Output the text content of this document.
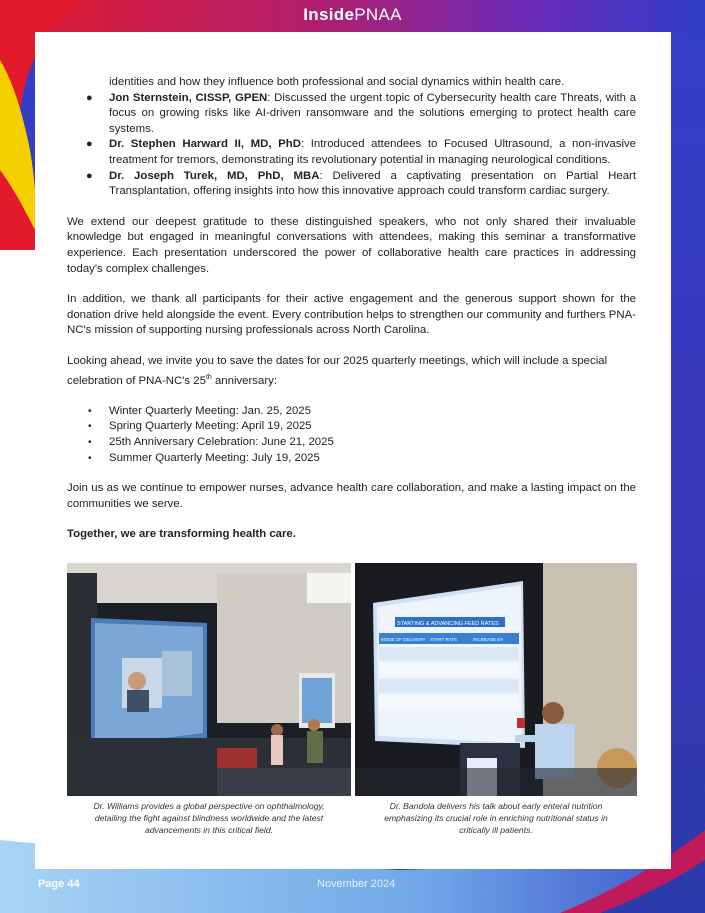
InsidePNAA

identities and how they influence both professional and social dynamics within health care.

● Jon Sternstein, CISSP, GPEN: Discussed the urgent topic of Cybersecurity health care Threats, with a focus on growing risks like AI-driven ransomware and the solutions emerging to protect health care systems.
● Dr. Stephen Harward II, MD, PhD: Introduced attendees to Focused Ultrasound, a non-invasive treatment for tremors, demonstrating its revolutionary potential in managing neurological conditions.
● Dr. Joseph Turek, MD, PhD, MBA: Delivered a captivating presentation on Partial Heart Transplantation, offering insights into how this innovative approach could transform cardiac surgery.

We extend our deepest gratitude to these distinguished speakers, who not only shared their invaluable knowledge but engaged in meaningful conversations with attendees, making this seminar a transformative experience. Each presentation underscored the power of collaborative health care practices in addressing today's complex challenges.

In addition, we thank all participants for their active engagement and the generous support shown for the donation drive held alongside the event. Every contribution helps to strengthen our community and furthers PNA-NC's mission of supporting nursing professionals across North Carolina.

Looking ahead, we invite you to save the dates for our 2025 quarterly meetings, which will include a special celebration of PNA-NC's 25th anniversary:

• Winter Quarterly Meeting: Jan. 25, 2025
• Spring Quarterly Meeting: April 19, 2025
• 25th Anniversary Celebration: June 21, 2025
• Summer Quarterly Meeting: July 19, 2025

Join us as we continue to empower nurses, advance health care collaboration, and make a lasting impact on the communities we serve.

Together, we are transforming health care.

STARTING & ADVANCING FEED RATES
MODE OF DELIVERY START RATE	INCREASE BY
Dr. Williams provides a global perspective on ophthalmology, detailing the fight against blindness worldwide and the latest advancements in this critical field.
Dr. Bandola delivers his talk about early enteral nutrition emphasizing its crucial role in enriching nutritional status in critically ill patients.
Page 44	November 2024
